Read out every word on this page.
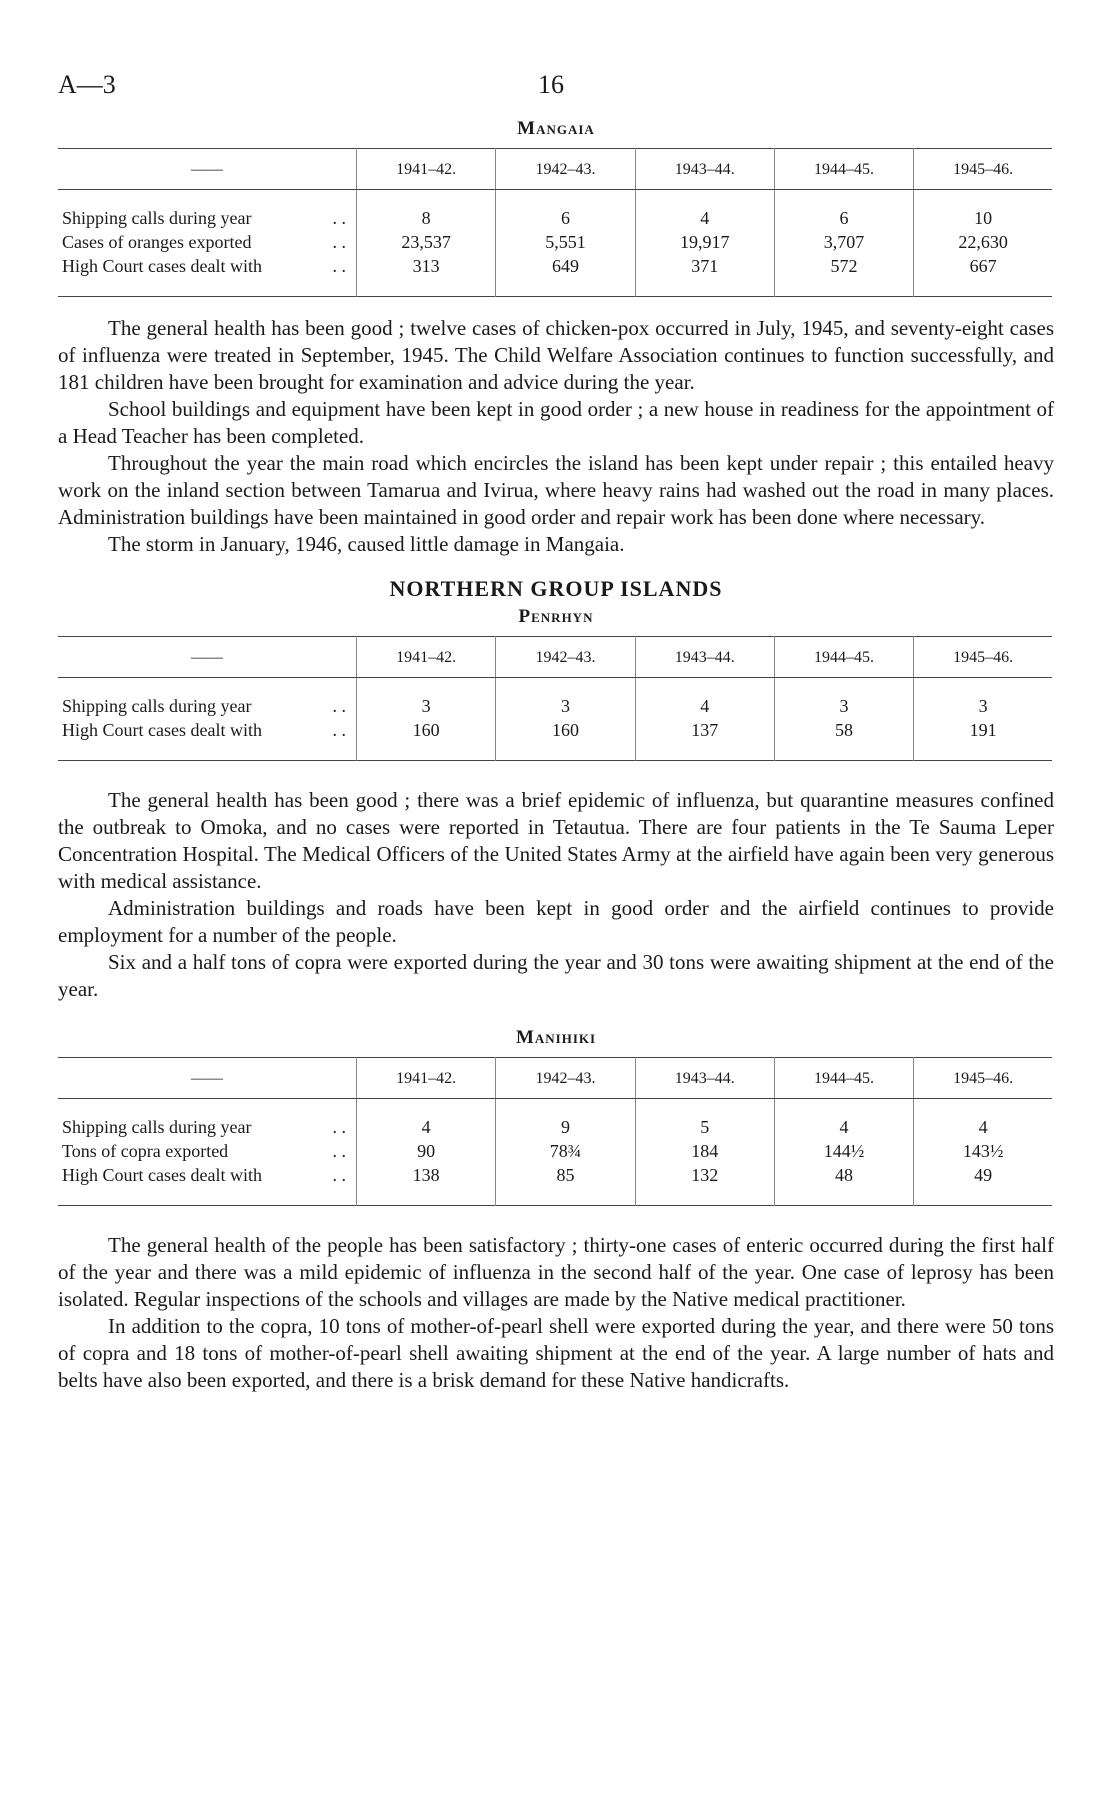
A—3	16
Mangaia
——	1941–42.	1942–43.	1943–44.	1944–45.	1945–46.
Shipping calls during year . .	8	6	4	6	10
Cases of oranges exported . .	23,537	5,551	19,917	3,707	22,630
High Court cases dealt with . .	313	649	371	572	667

The general health has been good ; twelve cases of chicken-pox occurred in July, 1945, and seventy-eight cases of influenza were treated in September, 1945. The Child Welfare Association continues to function successfully, and 181 children have been brought for examination and advice during the year.

School buildings and equipment have been kept in good order ; a new house in readiness for the appointment of a Head Teacher has been completed.

Throughout the year the main road which encircles the island has been kept under repair ; this entailed heavy work on the inland section between Tamarua and Ivirua, where heavy rains had washed out the road in many places. Administration buildings have been maintained in good order and repair work has been done where necessary.

The storm in January, 1946, caused little damage in Mangaia.

NORTHERN GROUP ISLANDS
Penrhyn
——	1941–42.	1942–43.	1943–44.	1944–45.	1945–46.
Shipping calls during year . .	3	3	4	3	3
High Court cases dealt with . .	160	160	137	58	191

The general health has been good ; there was a brief epidemic of influenza, but quarantine measures confined the outbreak to Omoka, and no cases were reported in Tetautua. There are four patients in the Te Sauma Leper Concentration Hospital. The Medical Officers of the United States Army at the airfield have again been very generous with medical assistance.

Administration buildings and roads have been kept in good order and the airfield continues to provide employment for a number of the people.

Six and a half tons of copra were exported during the year and 30 tons were awaiting shipment at the end of the year.

Manihiki
——	1941–42.	1942–43.	1943–44.	1944–45.	1945–46.
Shipping calls during year . .	4	9	5	4	4
Tons of copra exported . .	90	78¾	184	144½	143½
High Court cases dealt with . .	138	85	132	48	49

The general health of the people has been satisfactory ; thirty-one cases of enteric occurred during the first half of the year and there was a mild epidemic of influenza in the second half of the year. One case of leprosy has been isolated. Regular inspections of the schools and villages are made by the Native medical practitioner.

In addition to the copra, 10 tons of mother-of-pearl shell were exported during the year, and there were 50 tons of copra and 18 tons of mother-of-pearl shell awaiting shipment at the end of the year. A large number of hats and belts have also been exported, and there is a brisk demand for these Native handicrafts.
